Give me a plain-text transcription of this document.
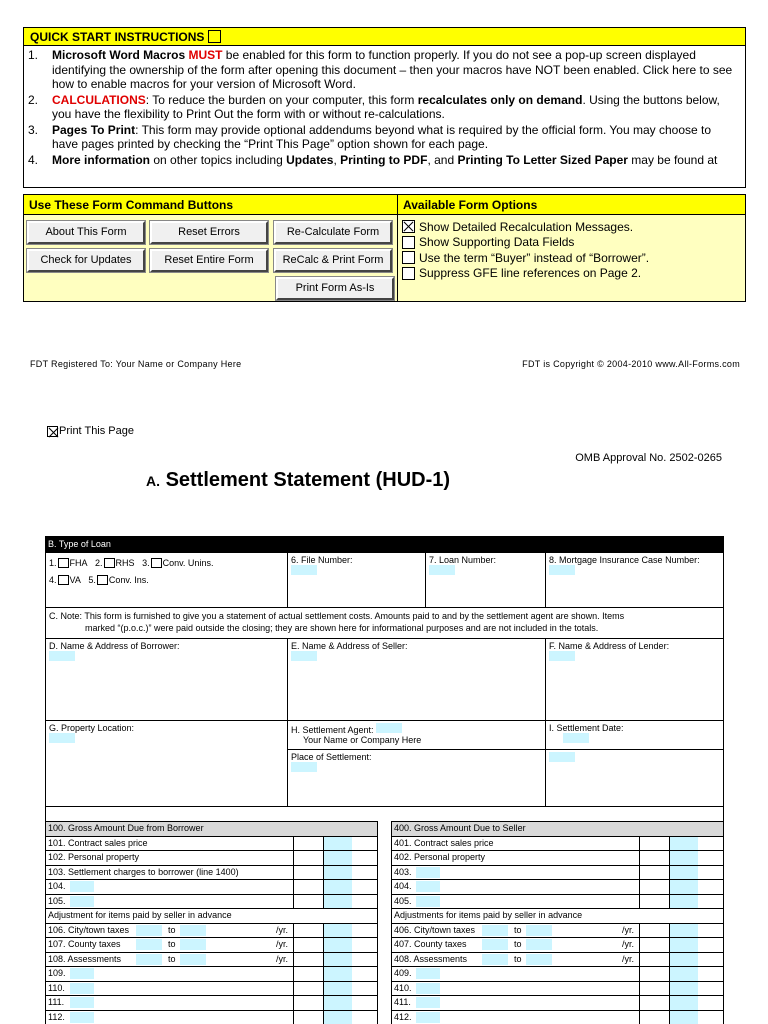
QUICK START INSTRUCTIONS
1.	Microsoft Word Macros MUST be enabled for this form to function properly. If you do not see a pop-up screen displayed identifying the ownership of the form after opening this document – then your macros have NOT been enabled. Click here to see how to enable macros for your version of Microsoft Word.
2.	CALCULATIONS: To reduce the burden on your computer, this form recalculates only on demand. Using the buttons below, you have the flexibility to Print Out the form with or without re-calculations.
3.	Pages To Print: This form may provide optional addendums beyond what is required by the official form. You may choose to have pages printed by checking the “Print This Page” option shown for each page.
4.	More information on other topics including Updates, Printing to PDF, and Printing To Letter Sized Paper may be found at
Use These Form Command Buttons
About This Form	Reset Errors	Re-Calculate Form
Check for Updates	Reset Entire Form	ReCalc & Print Form
Print Form As-Is
Available Form Options
Show Detailed Recalculation Messages.
Show Supporting Data Fields
Use the term “Buyer” instead of “Borrower”.
Suppress GFE line references on Page 2.
FDT Registered To: Your Name or Company Here	FDT is Copyright © 2004-2010 www.All-Forms.com
Print This Page
OMB Approval No. 2502-0265
A. Settlement Statement (HUD-1)
B. Type of Loan
1. FHA 2. RHS 3. Conv. Unins.
4. VA 5. Conv. Ins.
6. File Number:	7. Loan Number:	8. Mortgage Insurance Case Number:
C. Note: This form is furnished to give you a statement of actual settlement costs. Amounts paid to and by the settlement agent are shown. Items
marked “(p.o.c.)” were paid outside the closing; they are shown here for informational purposes and are not included in the totals.
D. Name & Address of Borrower:	E. Name & Address of Seller:	F. Name & Address of Lender:
G. Property Location:	H. Settlement Agent:
Your Name or Company Here
Place of Settlement:
I. Settlement Date:
100. Gross Amount Due from Borrower
101. Contract sales price
102. Personal property
103. Settlement charges to borrower (line 1400)
104.
105.
Adjustment for items paid by seller in advance
106. City/town taxes	to	/yr.
107. County taxes	to	/yr.
108. Assessments	to	/yr.
109.
110.
111.
112.
400. Gross Amount Due to Seller
401. Contract sales price
402. Personal property
403.
404.
405.
Adjustments for items paid by seller in advance
406. City/town taxes	to	/yr.
407. County taxes	to	/yr.
408. Assessments	to	/yr.
409.
410.
411.
412.
